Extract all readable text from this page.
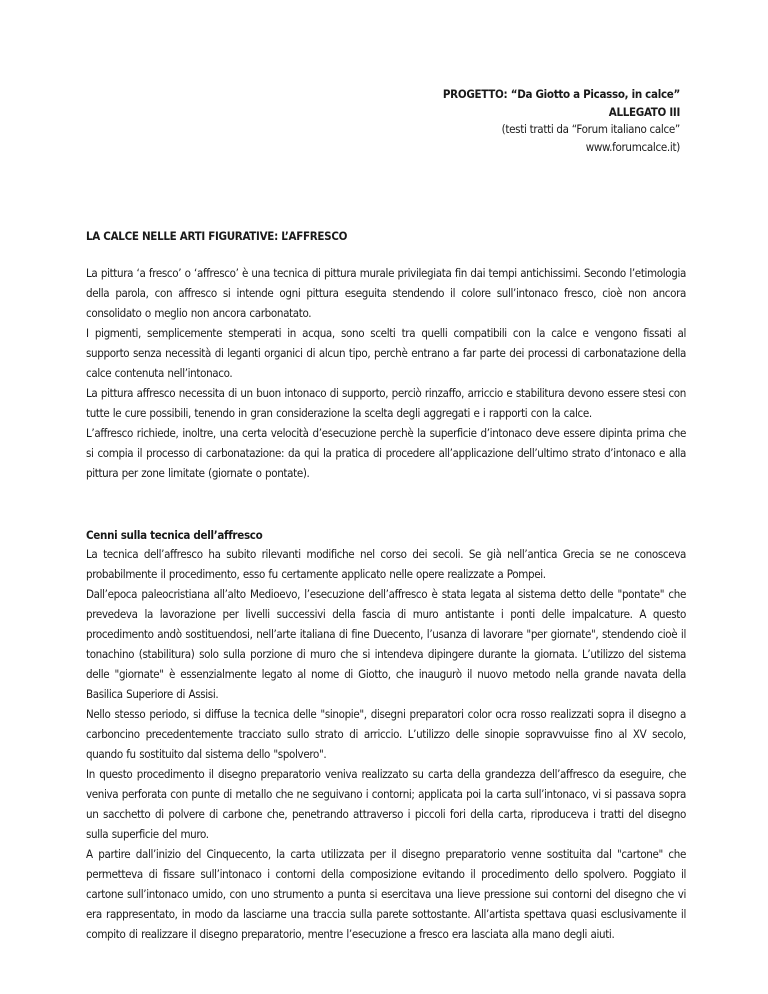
PROGETTO: “Da Giotto a Picasso, in calce”
ALLEGATO III
(testi tratti da “Forum italiano calce”
www.forumcalce.it)
LA CALCE NELLE ARTI FIGURATIVE: L’AFFRESCO

La pittura ‘a fresco’ o ‘affresco’ è una tecnica di pittura murale privilegiata fin dai tempi antichissimi. Secondo l’etimologia della parola, con affresco si intende ogni pittura eseguita stendendo il colore sull’intonaco fresco, cioè non ancora consolidato o meglio non ancora carbonatato.

I pigmenti, semplicemente stemperati in acqua, sono scelti tra quelli compatibili con la calce e vengono fissati al supporto senza necessità di leganti organici di alcun tipo, perchè entrano a far parte dei processi di carbonatazione della calce contenuta nell’intonaco.

La pittura affresco necessita di un buon intonaco di supporto, perciò rinzaffo, arriccio e stabilitura devono essere stesi con tutte le cure possibili, tenendo in gran considerazione la scelta degli aggregati e i rapporti con la calce.

L’affresco richiede, inoltre, una certa velocità d’esecuzione perchè la superficie d’intonaco deve essere dipinta prima che si compia il processo di carbonatazione: da qui la pratica di procedere all’applicazione dell’ultimo strato d’intonaco e alla pittura per zone limitate (giornate o pontate).

Cenni sulla tecnica dell’affresco

La tecnica dell’affresco ha subito rilevanti modifiche nel corso dei secoli. Se già nell’antica Grecia se ne conosceva probabilmente il procedimento, esso fu certamente applicato nelle opere realizzate a Pompei.

Dall’epoca paleocristiana all’alto Medioevo, l’esecuzione dell’affresco è stata legata al sistema detto delle "pontate" che prevedeva la lavorazione per livelli successivi della fascia di muro antistante i ponti delle impalcature. A questo procedimento andò sostituendosi, nell’arte italiana di fine Duecento, l’usanza di lavorare "per giornate", stendendo cioè il tonachino (stabilitura) solo sulla porzione di muro che si intendeva dipingere durante la giornata. L’utilizzo del sistema delle "giornate" è essenzialmente legato al nome di Giotto, che inaugurò il nuovo metodo nella grande navata della Basilica Superiore di Assisi.

Nello stesso periodo, si diffuse la tecnica delle "sinopie", disegni preparatori color ocra rosso realizzati sopra il disegno a carboncino precedentemente tracciato sullo strato di arriccio. L’utilizzo delle sinopie sopravvuisse fino al XV secolo, quando fu sostituito dal sistema dello "spolvero".

In questo procedimento il disegno preparatorio veniva realizzato su carta della grandezza dell’affresco da eseguire, che veniva perforata con punte di metallo che ne seguivano i contorni; applicata poi la carta sull’intonaco, vi si passava sopra un sacchetto di polvere di carbone che, penetrando attraverso i piccoli fori della carta, riproduceva i tratti del disegno sulla superficie del muro.

A partire dall’inizio del Cinquecento, la carta utilizzata per il disegno preparatorio venne sostituita dal "cartone" che permetteva di fissare sull’intonaco i contorni della composizione evitando il procedimento dello spolvero. Poggiato il cartone sull’intonaco umido, con uno strumento a punta si esercitava una lieve pressione sui contorni del disegno che vi era rappresentato, in modo da lasciarne una traccia sulla parete sottostante. All’artista spettava quasi esclusivamente il compito di realizzare il disegno preparatorio, mentre l’esecuzione a fresco era lasciata alla mano degli aiuti.
